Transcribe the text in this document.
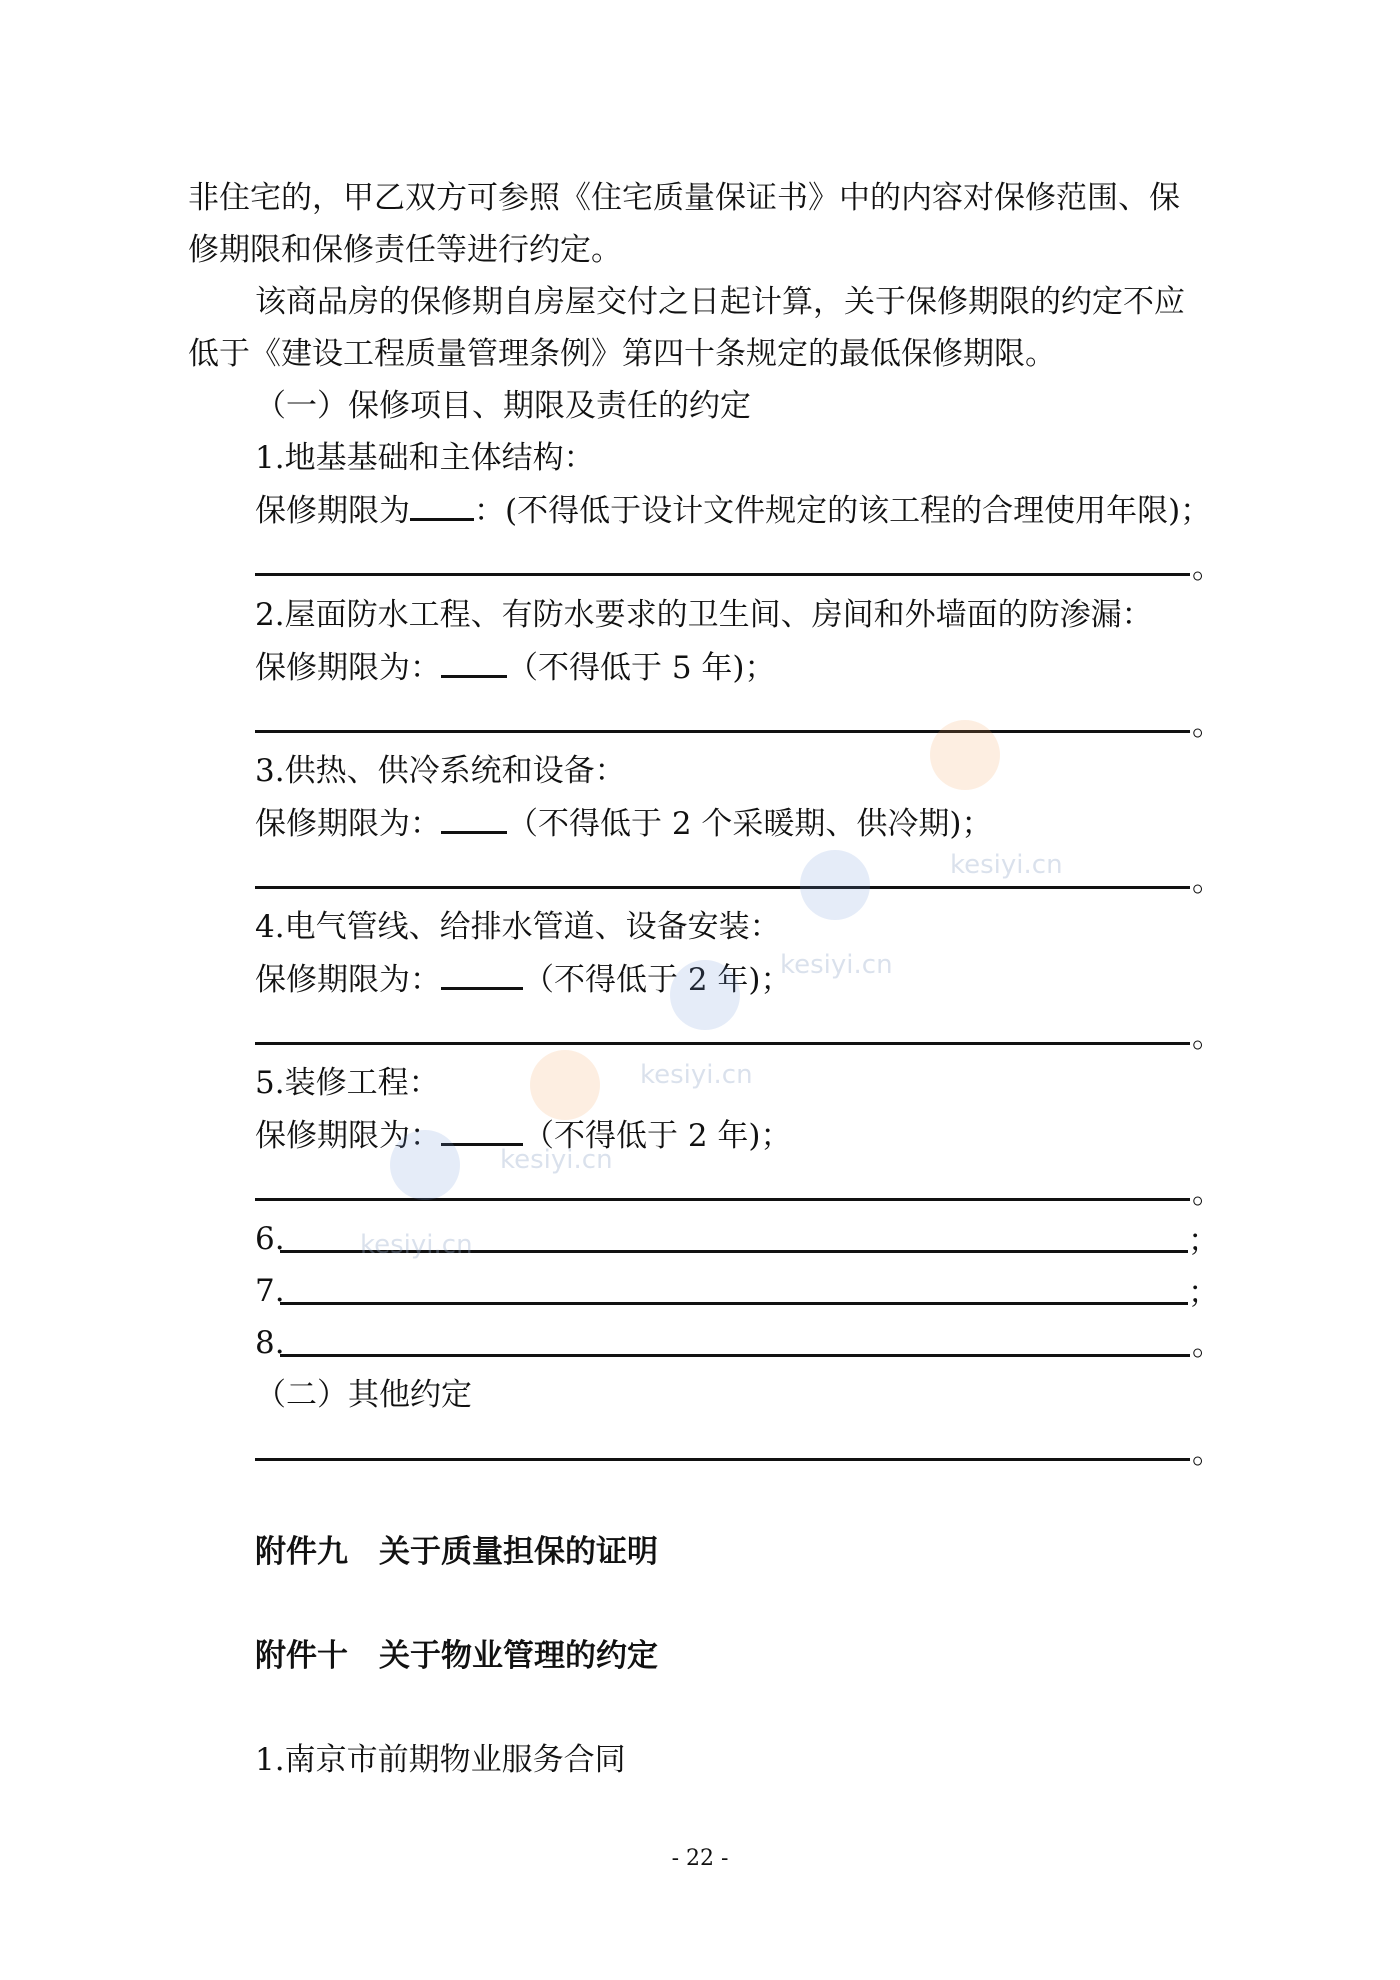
非住宅的，甲乙双方可参照《住宅质量保证书》中的内容对保修范围、保
修期限和保修责任等进行约定。
该商品房的保修期自房屋交付之日起计算，关于保修期限的约定不应
低于《建设工程质量管理条例》第四十条规定的最低保修期限。
（一）保修项目、期限及责任的约定
1.地基基础和主体结构：
保修期限为 ：(不得低于设计文件规定的该工程的合理使用年限)；
。
2.屋面防水工程、有防水要求的卫生间、房间和外墙面的防渗漏：
保修期限为： （不得低于 5 年)；
。
3.供热、供冷系统和设备：
保修期限为： （不得低于 2 个采暖期、供冷期)；
。
4.电气管线、给排水管道、设备安装：
保修期限为：	（不得低于 2 年)；
。
5.装修工程：
保修期限为：	（不得低于 2 年)；
。
6.	；
7.	；
8.	。
（二）其他约定
。
附件九　关于质量担保的证明
附件十　关于物业管理的约定
1.南京市前期物业服务合同
- 22 -
kesiyi.cn
kesiyi.cn
kesiyi.cn
kesiyi.cn
kesiyi.cn
